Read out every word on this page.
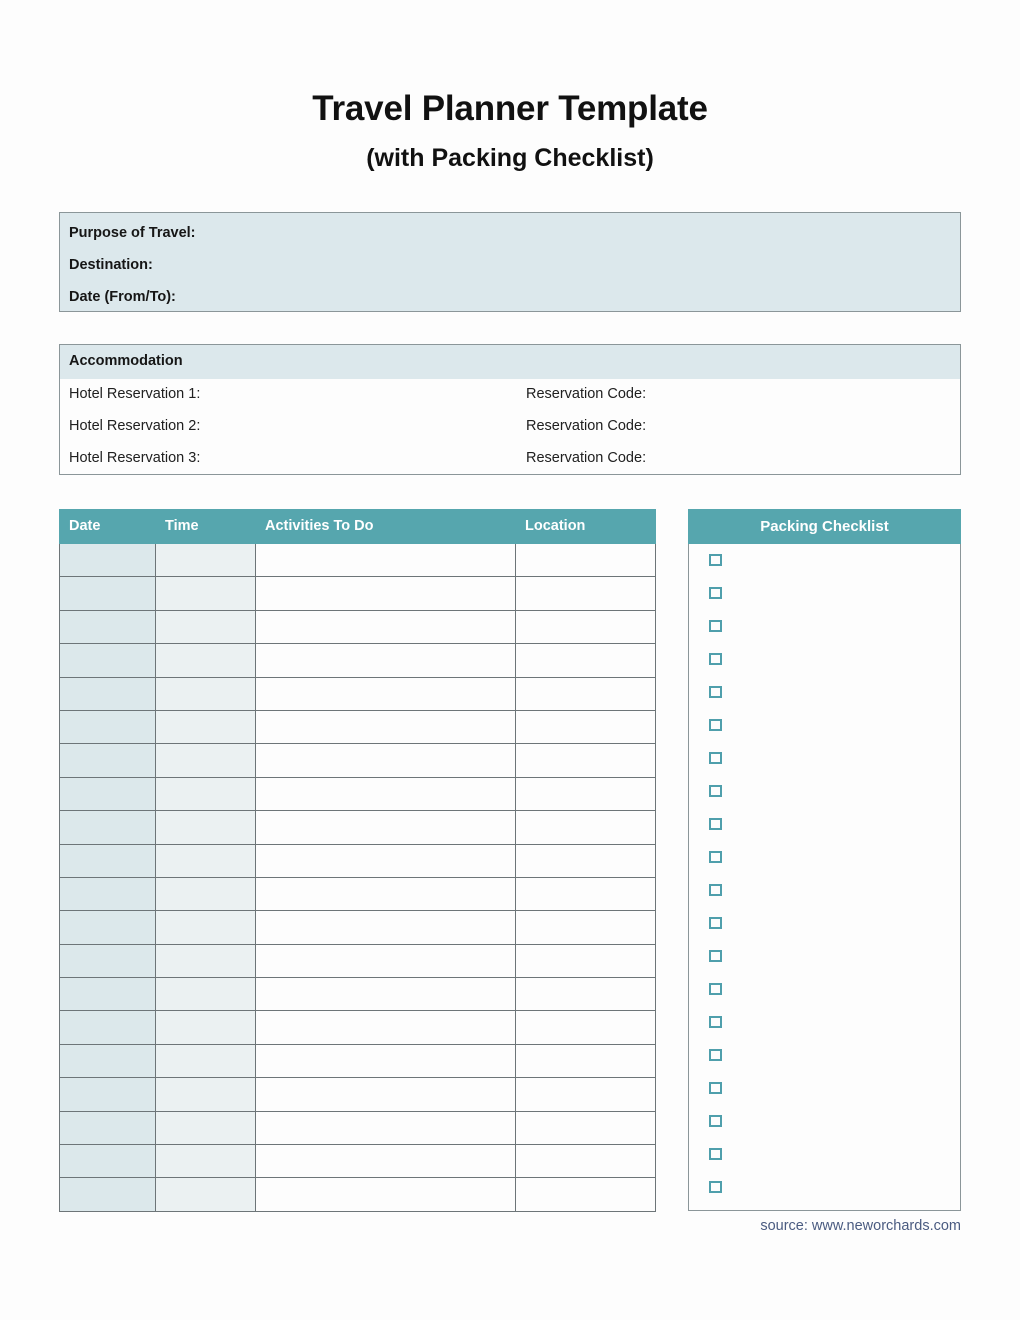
Travel Planner Template
(with Packing Checklist)
Purpose of Travel:
Destination:
Date (From/To):
Accommodation
Hotel Reservation 1:	Reservation Code:
Hotel Reservation 2:	Reservation Code:
Hotel Reservation 3:	Reservation Code:
Date	Time	Activities To Do	Location

				Packing Checklist
source: www.neworchards.com
